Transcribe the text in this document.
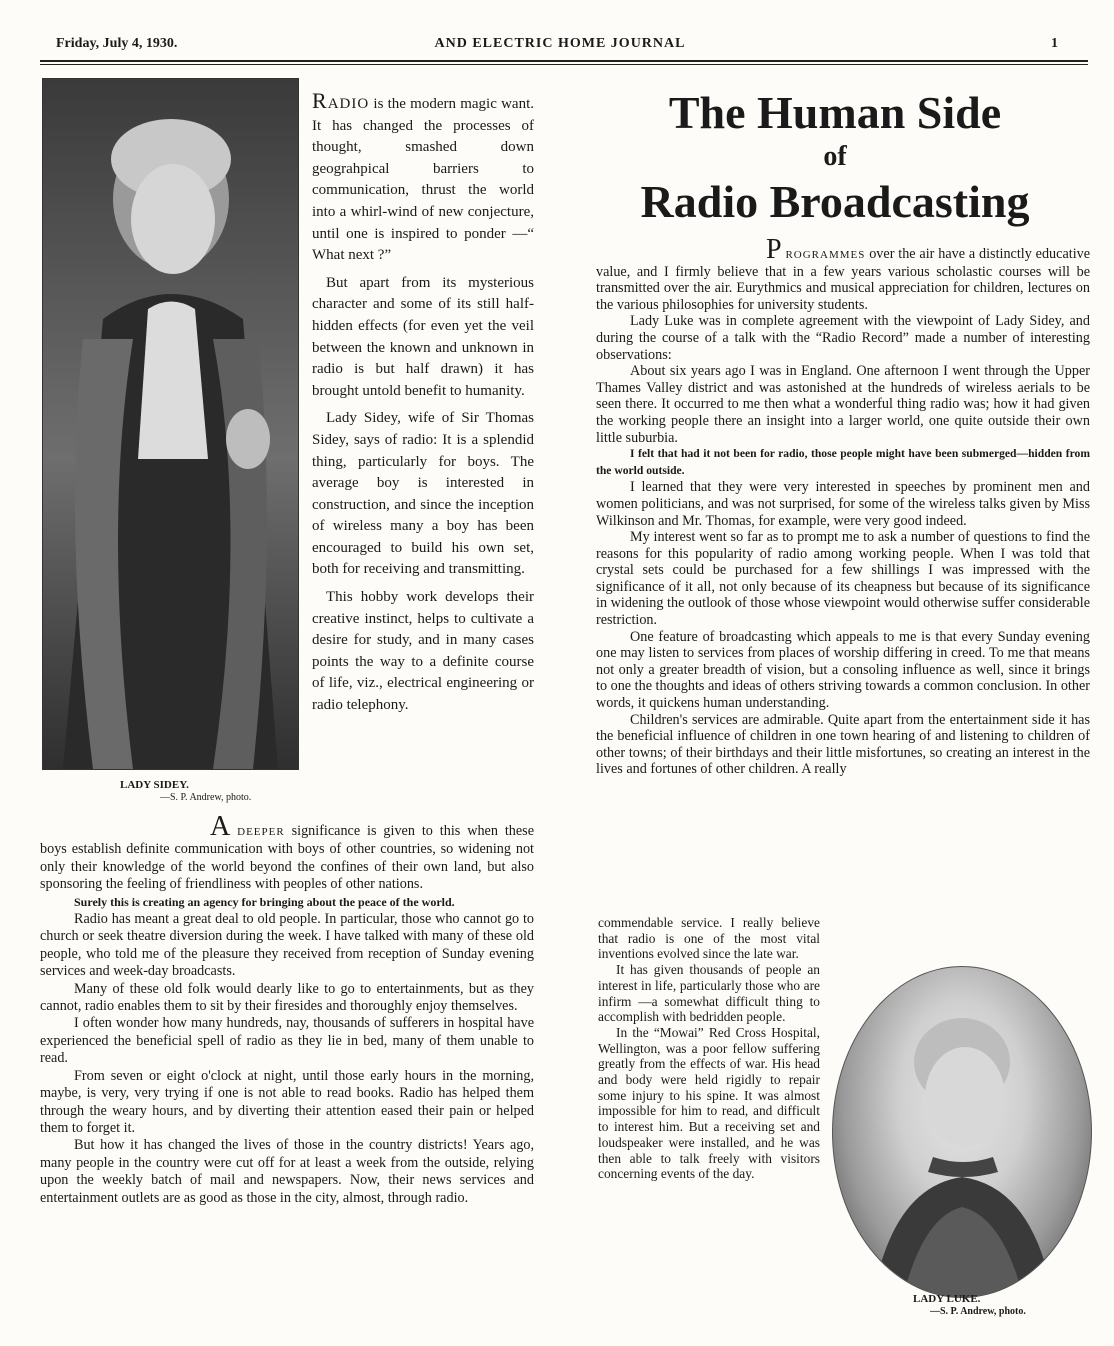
Friday, July 4, 1930.	AND ELECTRIC HOME JOURNAL	1
LADY SIDEY.
—S. P. Andrew, photo.

RADIO is the modern magic want. It has changed the processes of thought, smashed down geograhpical barriers to communication, thrust the world into a whirl-wind of new conjecture, until one is inspired to ponder —“ What next ?”

But apart from its mysterious character and some of its still half-hidden effects (for even yet the veil between the known and unknown in radio is but half drawn) it has brought untold benefit to humanity.

Lady Sidey, wife of Sir Thomas Sidey, says of radio: It is a splendid thing, particularly for boys. The average boy is interested in construction, and since the inception of wireless many a boy has been encouraged to build his own set, both for receiving and transmitting.

This hobby work develops their creative instinct, helps to cultivate a desire for study, and in many cases points the way to a definite course of life, viz., electrical engineering or radio telephony.

A DEEPER significance is given to this when these boys establish definite communication with boys of other countries, so widening not only their knowledge of the world beyond the confines of their own land, but also sponsoring the feeling of friendliness with peoples of other nations.

Surely this is creating an agency for bringing about the peace of the world.

Radio has meant a great deal to old people. In particular, those who cannot go to church or seek theatre diversion during the week. I have talked with many of these old people, who told me of the pleasure they received from reception of Sunday evening services and week-day broadcasts.

Many of these old folk would dearly like to go to entertainments, but as they cannot, radio enables them to sit by their firesides and thoroughly enjoy themselves.

I often wonder how many hundreds, nay, thousands of sufferers in hospital have experienced the beneficial spell of radio as they lie in bed, many of them unable to read.

From seven or eight o'clock at night, until those early hours in the morning, maybe, is very, very trying if one is not able to read books. Radio has helped them through the weary hours, and by diverting their attention eased their pain or helped them to forget it.

But how it has changed the lives of those in the country districts! Years ago, many people in the country were cut off for at least a week from the outside, relying upon the weekly batch of mail and newspapers. Now, their news services and entertainment outlets are as good as those in the city, almost, through radio.

The Human Side
of
Radio Broadcasting

P ROGRAMMES over the air have a distinctly educative value, and I firmly believe that in a few years various scholastic courses will be transmitted over the air. Eurythmics and musical appreciation for children, lectures on the various philosophies for university students.

Lady Luke was in complete agreement with the viewpoint of Lady Sidey, and during the course of a talk with the “Radio Record” made a number of interesting observations:

About six years ago I was in England. One afternoon I went through the Upper Thames Valley district and was astonished at the hundreds of wireless aerials to be seen there. It occurred to me then what a wonderful thing radio was; how it had given the working people there an insight into a larger world, one quite outside their own little suburbia.

I felt that had it not been for radio, those people might have been submerged—hidden from the world outside.

I learned that they were very interested in speeches by prominent men and women politicians, and was not surprised, for some of the wireless talks given by Miss Wilkinson and Mr. Thomas, for example, were very good indeed.

My interest went so far as to prompt me to ask a number of questions to find the reasons for this popularity of radio among working people. When I was told that crystal sets could be purchased for a few shillings I was impressed with the significance of it all, not only because of its cheapness but because of its significance in widening the outlook of those whose viewpoint would otherwise suffer considerable restriction.

One feature of broadcasting which appeals to me is that every Sunday evening one may listen to services from places of worship differing in creed. To me that means not only a greater breadth of vision, but a consoling influence as well, since it brings to one the thoughts and ideas of others striving towards a common conclusion. In other words, it quickens human understanding.

Children's services are admirable. Quite apart from the entertainment side it has the beneficial influence of children in one town hearing of and listening to children of other towns; of their birthdays and their little misfortunes, so creating an interest in the lives and fortunes of other children. A really

commendable service. I really believe that radio is one of the most vital inventions evolved since the late war.

It has given thousands of people an interest in life, particularly those who are infirm —a somewhat difficult thing to accomplish with bedridden people.

In the “Mowai” Red Cross Hospital, Wellington, was a poor fellow suffering greatly from the effects of war. His head and body were held rigidly to repair some injury to his spine. It was almost impossible for him to read, and difficult to interest him. But a receiving set and loudspeaker were installed, and he was then able to talk freely with visitors concerning events of the day.

LADY LUKE.
—S. P. Andrew, photo.
